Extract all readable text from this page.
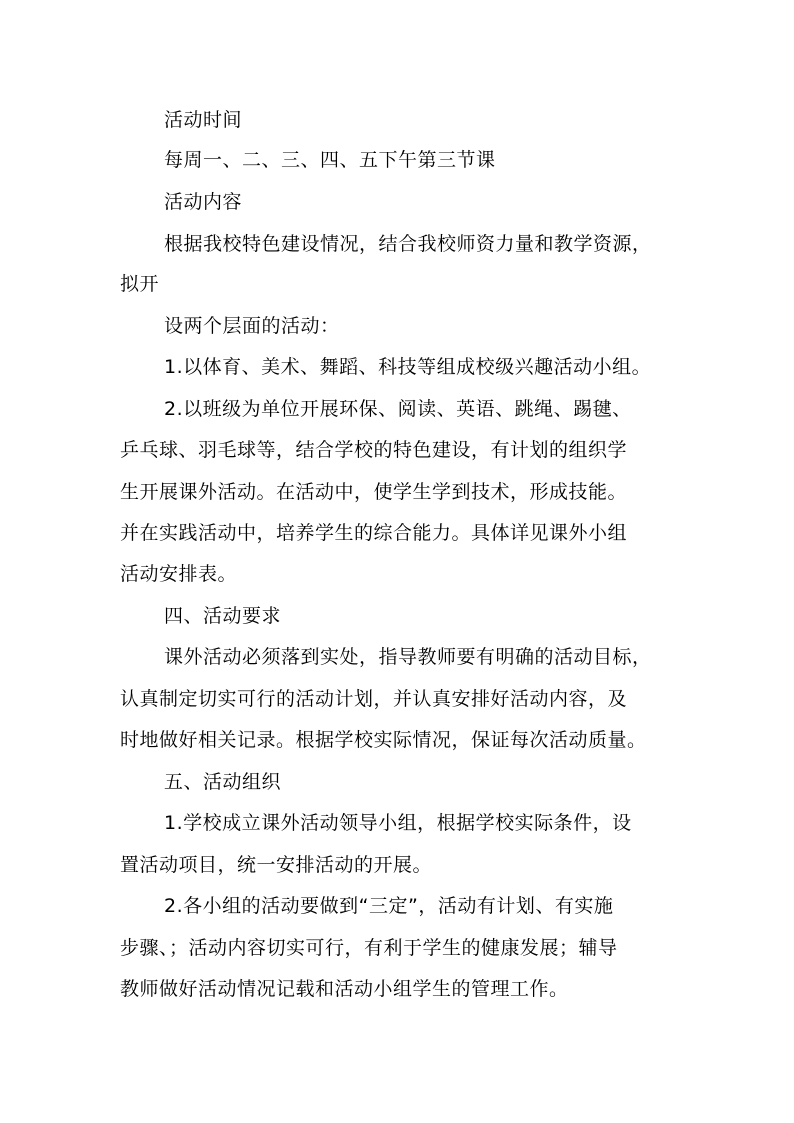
活动时间
每周一、二、三、四、五下午第三节课
活动内容
根据我校特色建设情况，结合我校师资力量和教学资源，
拟开
设两个层面的活动：
1.以体育、美术、舞蹈、科技等组成校级兴趣活动小组。
2.以班级为单位开展环保、阅读、英语、跳绳、踢毽、
乒乓球、羽毛球等，结合学校的特色建设，有计划的组织学
生开展课外活动。在活动中，使学生学到技术，形成技能。
并在实践活动中，培养学生的综合能力。具体详见课外小组
活动安排表。
四、活动要求
课外活动必须落到实处，指导教师要有明确的活动目标，
认真制定切实可行的活动计划，并认真安排好活动内容，及
时地做好相关记录。根据学校实际情况，保证每次活动质量。
五、活动组织
1.学校成立课外活动领导小组，根据学校实际条件，设
置活动项目，统一安排活动的开展。
2.各小组的活动要做到“三定”，活动有计划、有实施
步骤、；活动内容切实可行，有利于学生的健康发展；辅导
教师做好活动情况记载和活动小组学生的管理工作。
